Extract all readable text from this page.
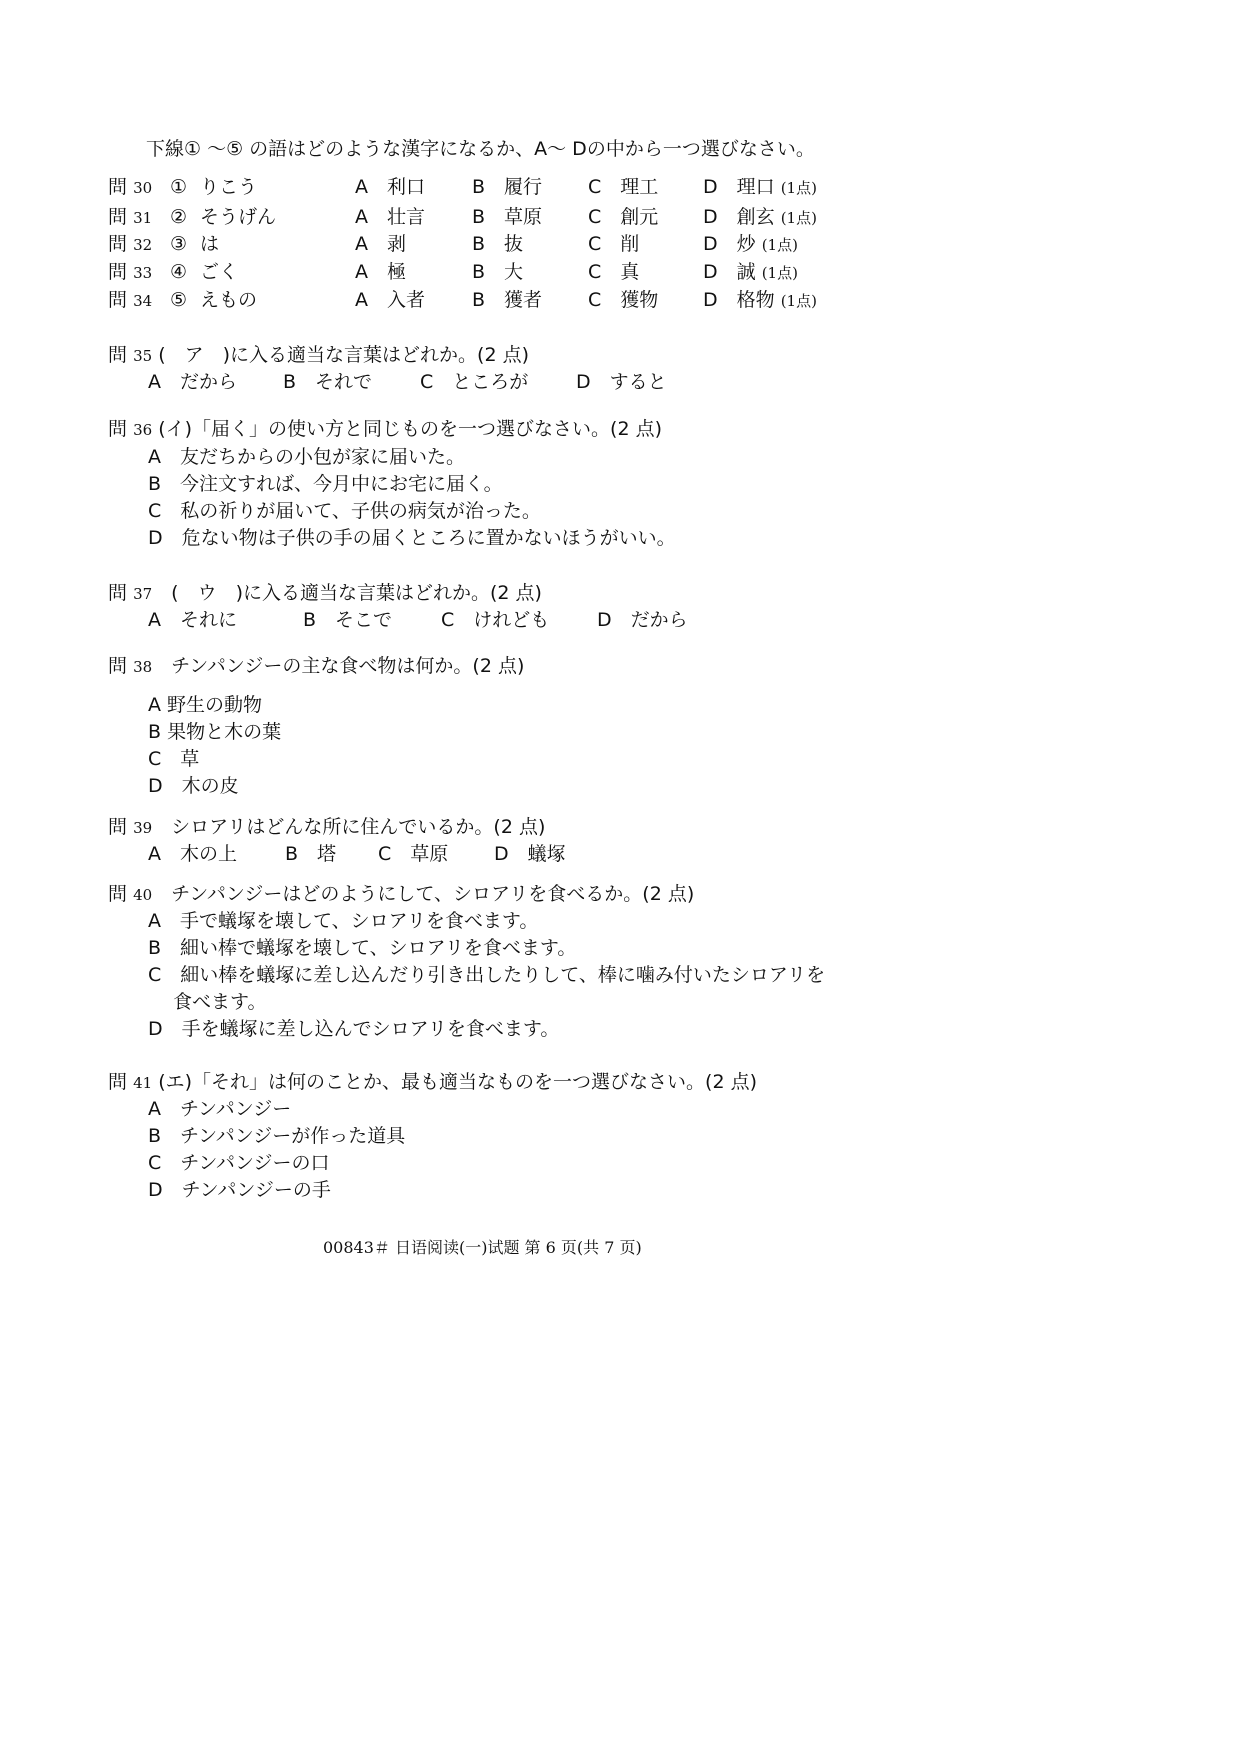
下線① ～⑤ の語はどのような漢字になるか、A～ Dの中から一つ選びなさい。
問 30 ① りこう	A　利口 B　履行 C　理工 D　理口 (1点)
問 31 ② そうげん	A　壮言 B　草原 C　創元 D　創玄 (1点)
問 32 ③ は	A　剥	B　抜	C　削	D　炒 (1点)
問 33 ④ ごく	A　極	B　大	C　真	D　誠 (1点)
問 34 ⑤ えもの	A　入者 B　獲者 C　獲物 D　格物 (1点)
問 35 (　ア　)に入る適当な言葉はどれか。(2 点)
A　だから B　それで	C　ところが	D　すると
問 36 (イ)「届く」の使い方と同じものを一つ選びなさい。(2 点)
A　友だちからの小包が家に届いた。
B　今注文すれば、今月中にお宅に届く。
C　私の祈りが届いて、子供の病気が治った。
D　危ない物は子供の手の届くところに置かないほうがいい。
問 37　 (　ウ　)に入る適当な言葉はどれか。(2 点)
A　それに	B　そこで	C　けれども	D　だから
問 38　 チンパンジーの主な食べ物は何か。(2 点)
A 野生の動物
B 果物と木の葉
C　草
D　木の皮
問 39　 シロアリはどんな所に住んでいるか。(2 点)
A　木の上	B　塔 C　草原 D　蟻塚
問 40　 チンパンジーはどのようにして、シロアリを食べるか。(2 点)
A　手で蟻塚を壊して、シロアリを食べます。
B　細い棒で蟻塚を壊して、シロアリを食べます。
C　細い棒を蟻塚に差し込んだり引き出したりして、棒に噛み付いたシロアリを
　 食べます。
D　手を蟻塚に差し込んでシロアリを食べます。
問 41 (エ)「それ」は何のことか、最も適当なものを一つ選びなさい。(2 点)
A　チンパンジー
B　チンパンジーが作った道具
C　チンパンジーの口
D　チンパンジーの手
00843＃ 日语阅读(一)试题 第 6 页(共 7 页)
